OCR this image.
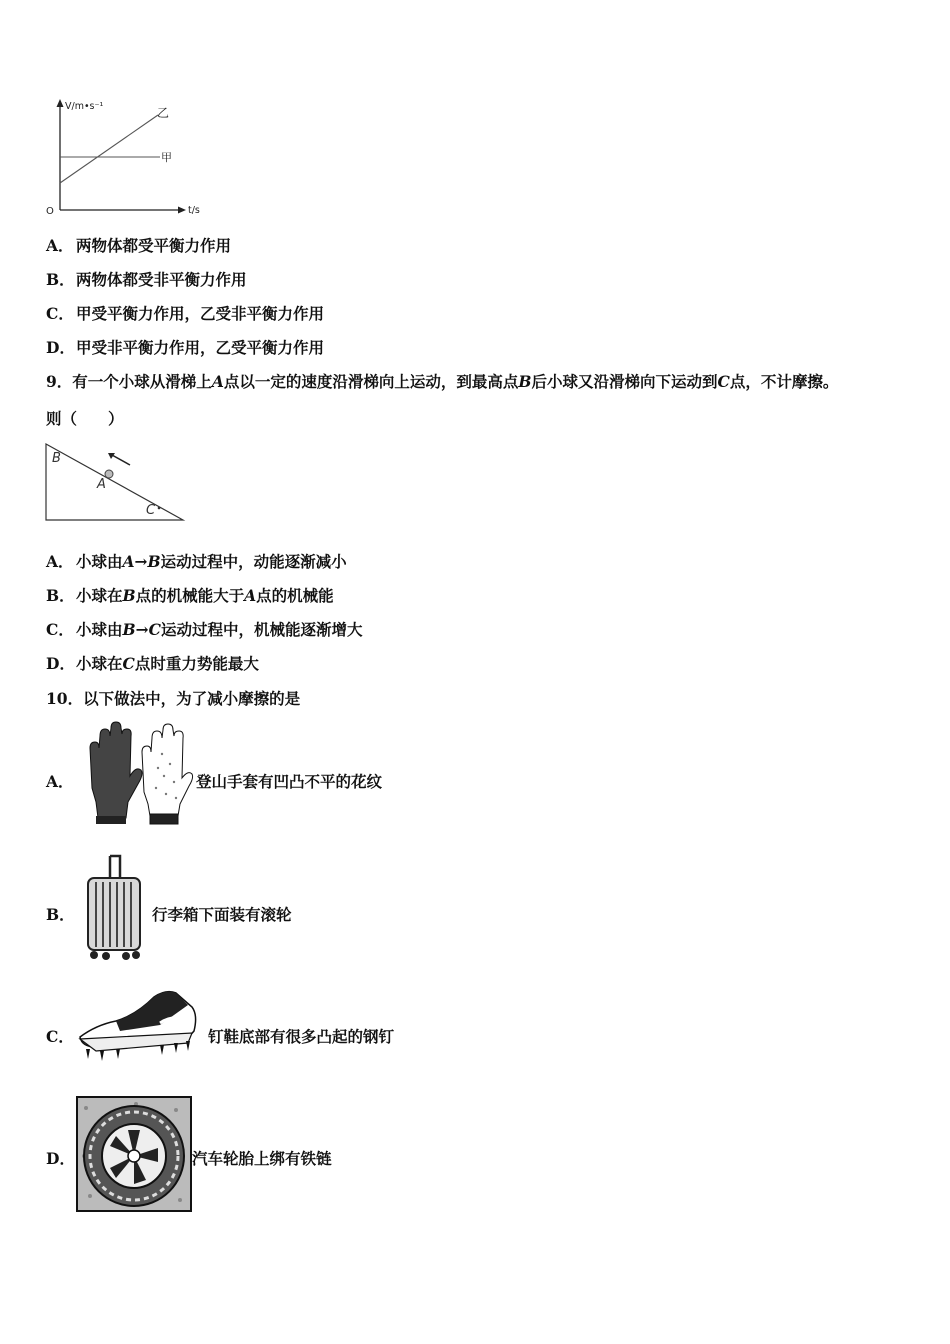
V/m•s⁻¹
t/s
O
乙
甲
A． 两物体都受平衡力作用
B．两物体都受非平衡力作用
C． 甲受平衡力作用，乙受非平衡力作用
D．甲受非平衡力作用，乙受平衡力作用
9．有一个小球从滑梯上A点以一定的速度沿滑梯向上运动，到最高点B后小球又沿滑梯向下运动到C点，不计摩擦。
则（　　）
B
A
C
A． 小球由A→B运动过程中，动能逐渐减小
B．小球在B点的机械能大于A点的机械能
C． 小球由B→C运动过程中，机械能逐渐增大
D．小球在C点时重力势能最大
10．以下做法中，为了减小摩擦的是
A．	登山手套有凹凸不平的花纹
B．	行李箱下面装有滚轮
C．	钉鞋底部有很多凸起的钢钉
D．	汽车轮胎上绑有铁链
